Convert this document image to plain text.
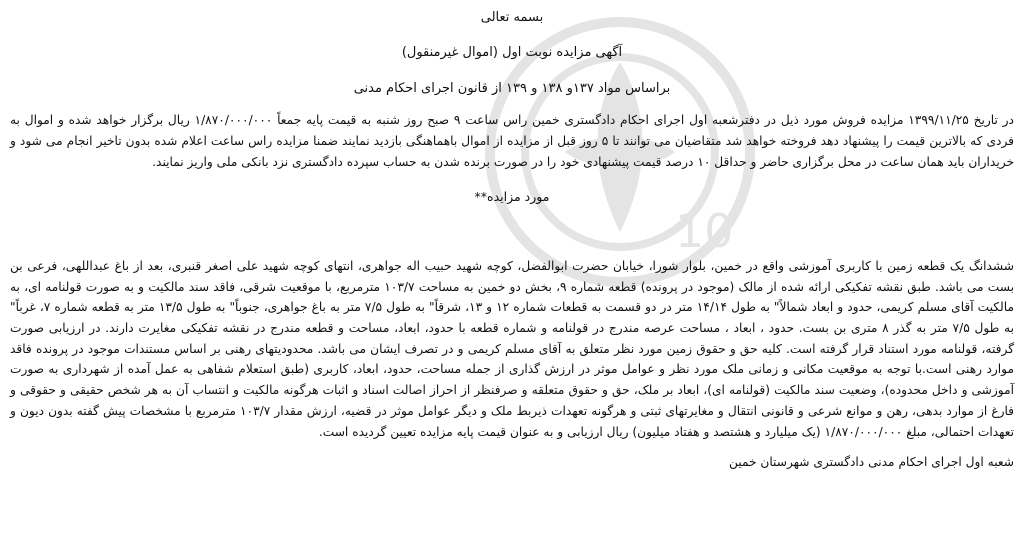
10

بسمه تعالی

آگهی مزایده نوبت اول (اموال غیرمنقول)

براساس مواد ۱۳۷و ۱۳۸ و ۱۳۹ از قانون اجرای احکام مدنی

در تاریخ ۱۳۹۹/۱۱/۲۵ مزایده فروش مورد ذیل در دفترشعبه اول اجرای احکام دادگستری خمین راس ساعت ۹ صبح روز شنبه به قیمت پایه جمعاً ۱/۸۷۰/۰۰۰/۰۰۰ ریال برگزار خواهد شده و اموال به فردی که بالاترین قیمت را پیشنهاد دهد فروخته خواهد شد متقاضیان می توانند تا ۵ روز قبل از مزایده از اموال باهماهنگی بازدید نمایند ضمنا مزایده راس ساعت اعلام شده بدون تاخیر انجام می شود و خریداران باید همان ساعت در محل برگزاری حاضر و حداقل ۱۰ درصد قیمت پیشنهادی خود را در صورت برنده شدن به حساب سپرده دادگستری نزد بانکی ملی واریز نمایند.

مورد مزایده**

ششدانگ یک قطعه زمین با کاربری آموزشی واقع در خمین، بلوار شورا، خیابان حضرت ابوالفضل، کوچه شهید حبیب اله جواهری، انتهای کوچه شهید علی اصغر قنبری، بعد از باغ عبداللهی، فرعی بن بست می باشد. طبق نقشه تفکیکی ارائه شده از مالک (موجود در پرونده) قطعه شماره ۹، بخش دو خمین به مساحت ۱۰۳/۷ مترمربع، با موقعیت شرقی، فاقد سند مالکیت و به صورت قولنامه ای، به مالکیت آقای مسلم کریمی، حدود و ابعاد شمالاً" به طول ۱۴/۱۴ متر در دو قسمت به قطعات شماره ۱۲ و ۱۳، شرقاً" به طول ۷/۵ متر به باغ جواهری، جنوباً" به طول ۱۳/۵ متر به قطعه شماره ۷، غرباً" به طول ۷/۵ متر به گذر ۸ متری بن بست. حدود ، ابعاد ، مساحت عرصه مندرج در قولنامه و شماره قطعه با حدود، ابعاد، مساحت و قطعه مندرج در نقشه تفکیکی مغایرت دارند. در ارزیابی صورت گرفته، قولنامه مورد استناد قرار گرفته است. کلیه حق و حقوق زمین مورد نظر متعلق به آقای مسلم کریمی و در تصرف ایشان می باشد. محدودیتهای رهنی بر اساس مستندات موجود در پرونده فاقد موارد رهنی است.با توجه به موقعیت مکانی و زمانی ملک مورد نظر و عوامل موثر در ارزش گذاری از جمله مساحت، حدود، ابعاد، کاربری (طبق استعلام شفاهی به عمل آمده از شهرداری به صورت آموزشی و داخل محدوده)، وضعیت سند مالکیت (قولنامه ای)، ابعاد بر ملک، حق و حقوق متعلقه و صرفنظر از احراز اصالت اسناد و اثبات هرگونه مالکیت و انتساب آن به هر شخص حقیقی و حقوقی و فارغ از موارد بدهی، رهن و موانع شرعی و قانونی انتقال و مغایرتهای ثبتی و هرگونه تعهدات ذیربط ملک و دیگر عوامل موثر در قضیه، ارزش مقدار ۱۰۳/۷ مترمربع با مشخصات پیش گفته بدون دیون و تعهدات احتمالی، مبلغ ۱/۸۷۰/۰۰۰/۰۰۰ (یک میلیارد و هشتصد و هفتاد میلیون) ریال ارزیابی و به عنوان قیمت پایه مزایده تعیین گردیده است.

شعبه اول اجرای احکام مدنی دادگستری شهرستان خمین
